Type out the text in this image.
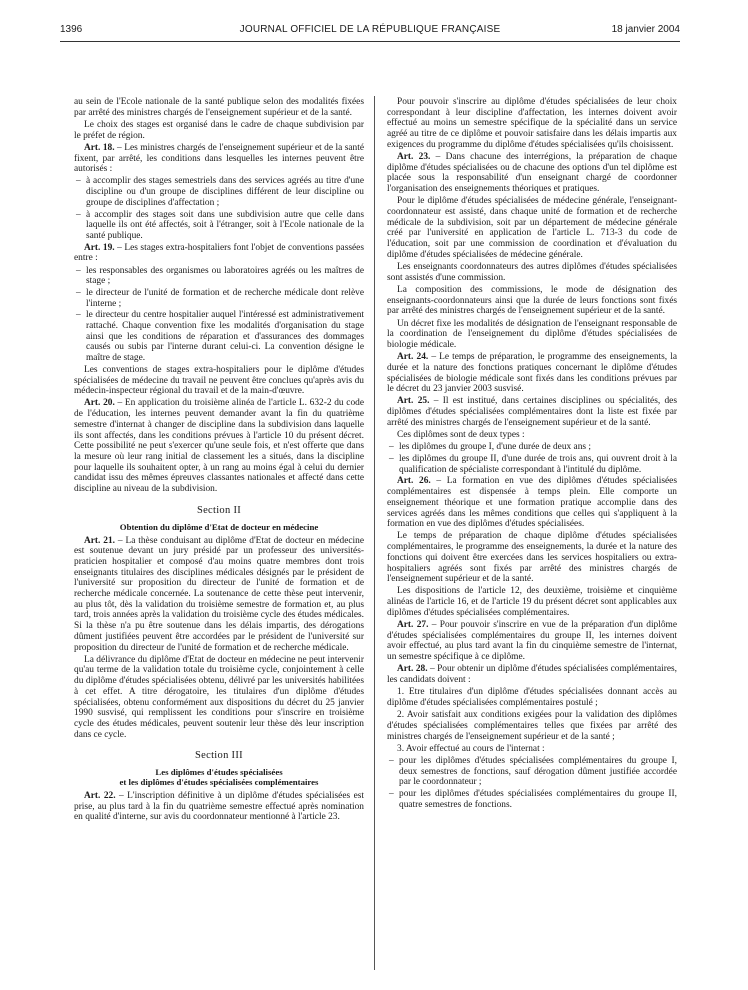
1396	JOURNAL OFFICIEL DE LA RÉPUBLIQUE FRANÇAISE	18 janvier 2004

au sein de l'Ecole nationale de la santé publique selon des modalités fixées par arrêté des ministres chargés de l'enseignement supérieur et de la santé.

Le choix des stages est organisé dans le cadre de chaque subdivision par le préfet de région.

Art. 18. – Les ministres chargés de l'enseignement supérieur et de la santé fixent, par arrêté, les conditions dans lesquelles les internes peuvent être autorisés :

– à accomplir des stages semestriels dans des services agréés au titre d'une discipline ou d'un groupe de disciplines différent de leur discipline ou groupe de disciplines d'affectation ;
– à accomplir des stages soit dans une subdivision autre que celle dans laquelle ils ont été affectés, soit à l'étranger, soit à l'Ecole nationale de la santé publique.

Art. 19. – Les stages extra-hospitaliers font l'objet de conventions passées entre :

– les responsables des organismes ou laboratoires agréés ou les maîtres de stage ;
– le directeur de l'unité de formation et de recherche médicale dont relève l'interne ;
– le directeur du centre hospitalier auquel l'intéressé est administrativement rattaché. Chaque convention fixe les modalités d'organisation du stage ainsi que les conditions de réparation et d'assurances des dommages causés ou subis par l'interne durant celui-ci. La convention désigne le maître de stage.

Les conventions de stages extra-hospitaliers pour le diplôme d'études spécialisées de médecine du travail ne peuvent être conclues qu'après avis du médecin-inspecteur régional du travail et de la main-d'œuvre.

Art. 20. – En application du troisième alinéa de l'article L. 632-2 du code de l'éducation, les internes peuvent demander avant la fin du quatrième semestre d'internat à changer de discipline dans la subdivision dans laquelle ils sont affectés, dans les conditions prévues à l'article 10 du présent décret. Cette possibilité ne peut s'exercer qu'une seule fois, et n'est offerte que dans la mesure où leur rang initial de classement les a situés, dans la discipline pour laquelle ils souhaitent opter, à un rang au moins égal à celui du dernier candidat issu des mêmes épreuves classantes nationales et affecté dans cette discipline au niveau de la subdivision.

Section II
Obtention du diplôme d'Etat de docteur en médecine

Art. 21. – La thèse conduisant au diplôme d'Etat de docteur en médecine est soutenue devant un jury présidé par un professeur des universités-praticien hospitalier et composé d'au moins quatre membres dont trois enseignants titulaires des disciplines médicales désignés par le président de l'université sur proposition du directeur de l'unité de formation et de recherche médicale concernée. La soutenance de cette thèse peut intervenir, au plus tôt, dès la validation du troisième semestre de formation et, au plus tard, trois années après la validation du troisième cycle des études médicales. Si la thèse n'a pu être soutenue dans les délais impartis, des dérogations dûment justifiées peuvent être accordées par le président de l'université sur proposition du directeur de l'unité de formation et de recherche médicale.

La délivrance du diplôme d'Etat de docteur en médecine ne peut intervenir qu'au terme de la validation totale du troisième cycle, conjointement à celle du diplôme d'études spécialisées obtenu, délivré par les universités habilitées à cet effet. A titre dérogatoire, les titulaires d'un diplôme d'études spécialisées, obtenu conformément aux dispositions du décret du 25 janvier 1990 susvisé, qui remplissent les conditions pour s'inscrire en troisième cycle des études médicales, peuvent soutenir leur thèse dès leur inscription dans ce cycle.

Section III
Les diplômes d'études spécialisées
et les diplômes d'études spécialisées complémentaires

Art. 22. – L'inscription définitive à un diplôme d'études spécialisées est prise, au plus tard à la fin du quatrième semestre effectué après nomination en qualité d'interne, sur avis du coordonnateur mentionné à l'article 23.

Pour pouvoir s'inscrire au diplôme d'études spécialisées de leur choix correspondant à leur discipline d'affectation, les internes doivent avoir effectué au moins un semestre spécifique de la spécialité dans un service agréé au titre de ce diplôme et pouvoir satisfaire dans les délais impartis aux exigences du programme du diplôme d'études spécialisées qu'ils choisissent.

Art. 23. – Dans chacune des interrégions, la préparation de chaque diplôme d'études spécialisées ou de chacune des options d'un tel diplôme est placée sous la responsabilité d'un enseignant chargé de coordonner l'organisation des enseignements théoriques et pratiques.

Pour le diplôme d'études spécialisées de médecine générale, l'enseignant-coordonnateur est assisté, dans chaque unité de formation et de recherche médicale de la subdivision, soit par un département de médecine générale créé par l'université en application de l'article L. 713-3 du code de l'éducation, soit par une commission de coordination et d'évaluation du diplôme d'études spécialisées de médecine générale.

Les enseignants coordonnateurs des autres diplômes d'études spécialisées sont assistés d'une commission.

La composition des commissions, le mode de désignation des enseignants-coordonnateurs ainsi que la durée de leurs fonctions sont fixés par arrêté des ministres chargés de l'enseignement supérieur et de la santé.

Un décret fixe les modalités de désignation de l'enseignant responsable de la coordination de l'enseignement du diplôme d'études spécialisées de biologie médicale.

Art. 24. – Le temps de préparation, le programme des enseignements, la durée et la nature des fonctions pratiques concernant le diplôme d'études spécialisées de biologie médicale sont fixés dans les conditions prévues par le décret du 23 janvier 2003 susvisé.

Art. 25. – Il est institué, dans certaines disciplines ou spécialités, des diplômes d'études spécialisées complémentaires dont la liste est fixée par arrêté des ministres chargés de l'enseignement supérieur et de la santé.

Ces diplômes sont de deux types :

– les diplômes du groupe I, d'une durée de deux ans ;
– les diplômes du groupe II, d'une durée de trois ans, qui ouvrent droit à la qualification de spécialiste correspondant à l'intitulé du diplôme.

Art. 26. – La formation en vue des diplômes d'études spécialisées complémentaires est dispensée à temps plein. Elle comporte un enseignement théorique et une formation pratique accomplie dans des services agréés dans les mêmes conditions que celles qui s'appliquent à la formation en vue des diplômes d'études spécialisées.

Le temps de préparation de chaque diplôme d'études spécialisées complémentaires, le programme des enseignements, la durée et la nature des fonctions qui doivent être exercées dans les services hospitaliers ou extra-hospitaliers agréés sont fixés par arrêté des ministres chargés de l'enseignement supérieur et de la santé.

Les dispositions de l'article 12, des deuxième, troisième et cinquième alinéas de l'article 16, et de l'article 19 du présent décret sont applicables aux diplômes d'études spécialisées complémentaires.

Art. 27. – Pour pouvoir s'inscrire en vue de la préparation d'un diplôme d'études spécialisées complémentaires du groupe II, les internes doivent avoir effectué, au plus tard avant la fin du cinquième semestre de l'internat, un semestre spécifique à ce diplôme.

Art. 28. – Pour obtenir un diplôme d'études spécialisées complémentaires, les candidats doivent :

1. Etre titulaires d'un diplôme d'études spécialisées donnant accès au diplôme d'études spécialisées complémentaires postulé ;

2. Avoir satisfait aux conditions exigées pour la validation des diplômes d'études spécialisées complémentaires telles que fixées par arrêté des ministres chargés de l'enseignement supérieur et de la santé ;

3. Avoir effectué au cours de l'internat :

– pour les diplômes d'études spécialisées complémentaires du groupe I, deux semestres de fonctions, sauf dérogation dûment justifiée accordée par le coordonnateur ;
– pour les diplômes d'études spécialisées complémentaires du groupe II, quatre semestres de fonctions.
